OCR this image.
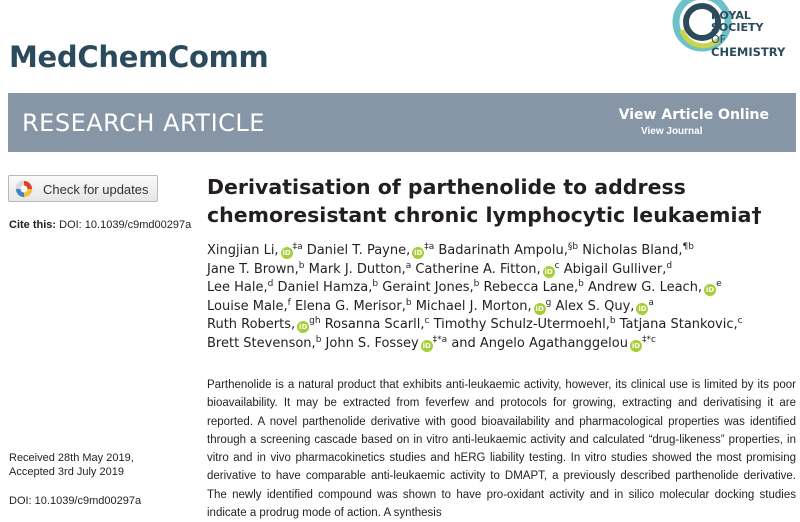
MedChemComm
ROYAL SOCIETY
OF CHEMISTRY
RESEARCH ARTICLE	View Article Online
View Journal
Check for updates
Cite this: DOI: 10.1039/c9md00297a
Derivatisation of parthenolide to address
chemoresistant chronic lymphocytic leukaemia†
Xingjian Li, $iD^{\ddagger a}$ Daniel T. Payne, $iD^{\ddagger a}$ Badarinath Ampolu,$^{\S b}$ Nicholas Bland,$^{\P b}$
Jane T. Brown,$^b$ Mark J. Dutton,$^a$ Catherine A. Fitton, $iD^c$ Abigail Gulliver,$^d$
Lee Hale,$^d$ Daniel Hamza,$^b$ Geraint Jones,$^b$ Rebecca Lane,$^b$ Andrew G. Leach, $iD^e$
Louise Male,$^f$ Elena G. Merisor,$^b$ Michael J. Morton, $iD^g$ Alex S. Quy, $iD^a$
Ruth Roberts, $iD^{gh}$ Rosanna Scarll,$^c$ Timothy Schulz-Utermoehl,$^b$ Tatjana Stankovic,$^c$
Brett Stevenson,$^b$ John S. Fossey $iD^{\ddagger*a}$ and Angelo Agathanggelou $iD^{\ddagger*c}$
Received 28th May 2019,
Accepted 3rd July 2019
DOI: 10.1039/c9md00297a
Parthenolide is a natural product that exhibits anti-leukaemic activity, however, its clinical use is limited by its poor bioavailability. It may be extracted from feverfew and protocols for growing, extracting and derivatising it are reported. A novel parthenolide derivative with good bioavailability and pharmacological properties was identified through a screening cascade based on in vitro anti-leukaemic activity and calculated “drug-likeness” properties, in vitro and in vivo pharmacokinetics studies and hERG liability testing. In vitro studies showed the most promising derivative to have comparable anti-leukaemic activity to DMAPT, a previously described parthenolide derivative. The newly identified compound was shown to have pro-oxidant activity and in silico molecular docking studies indicate a prodrug mode of action. A synthesis
